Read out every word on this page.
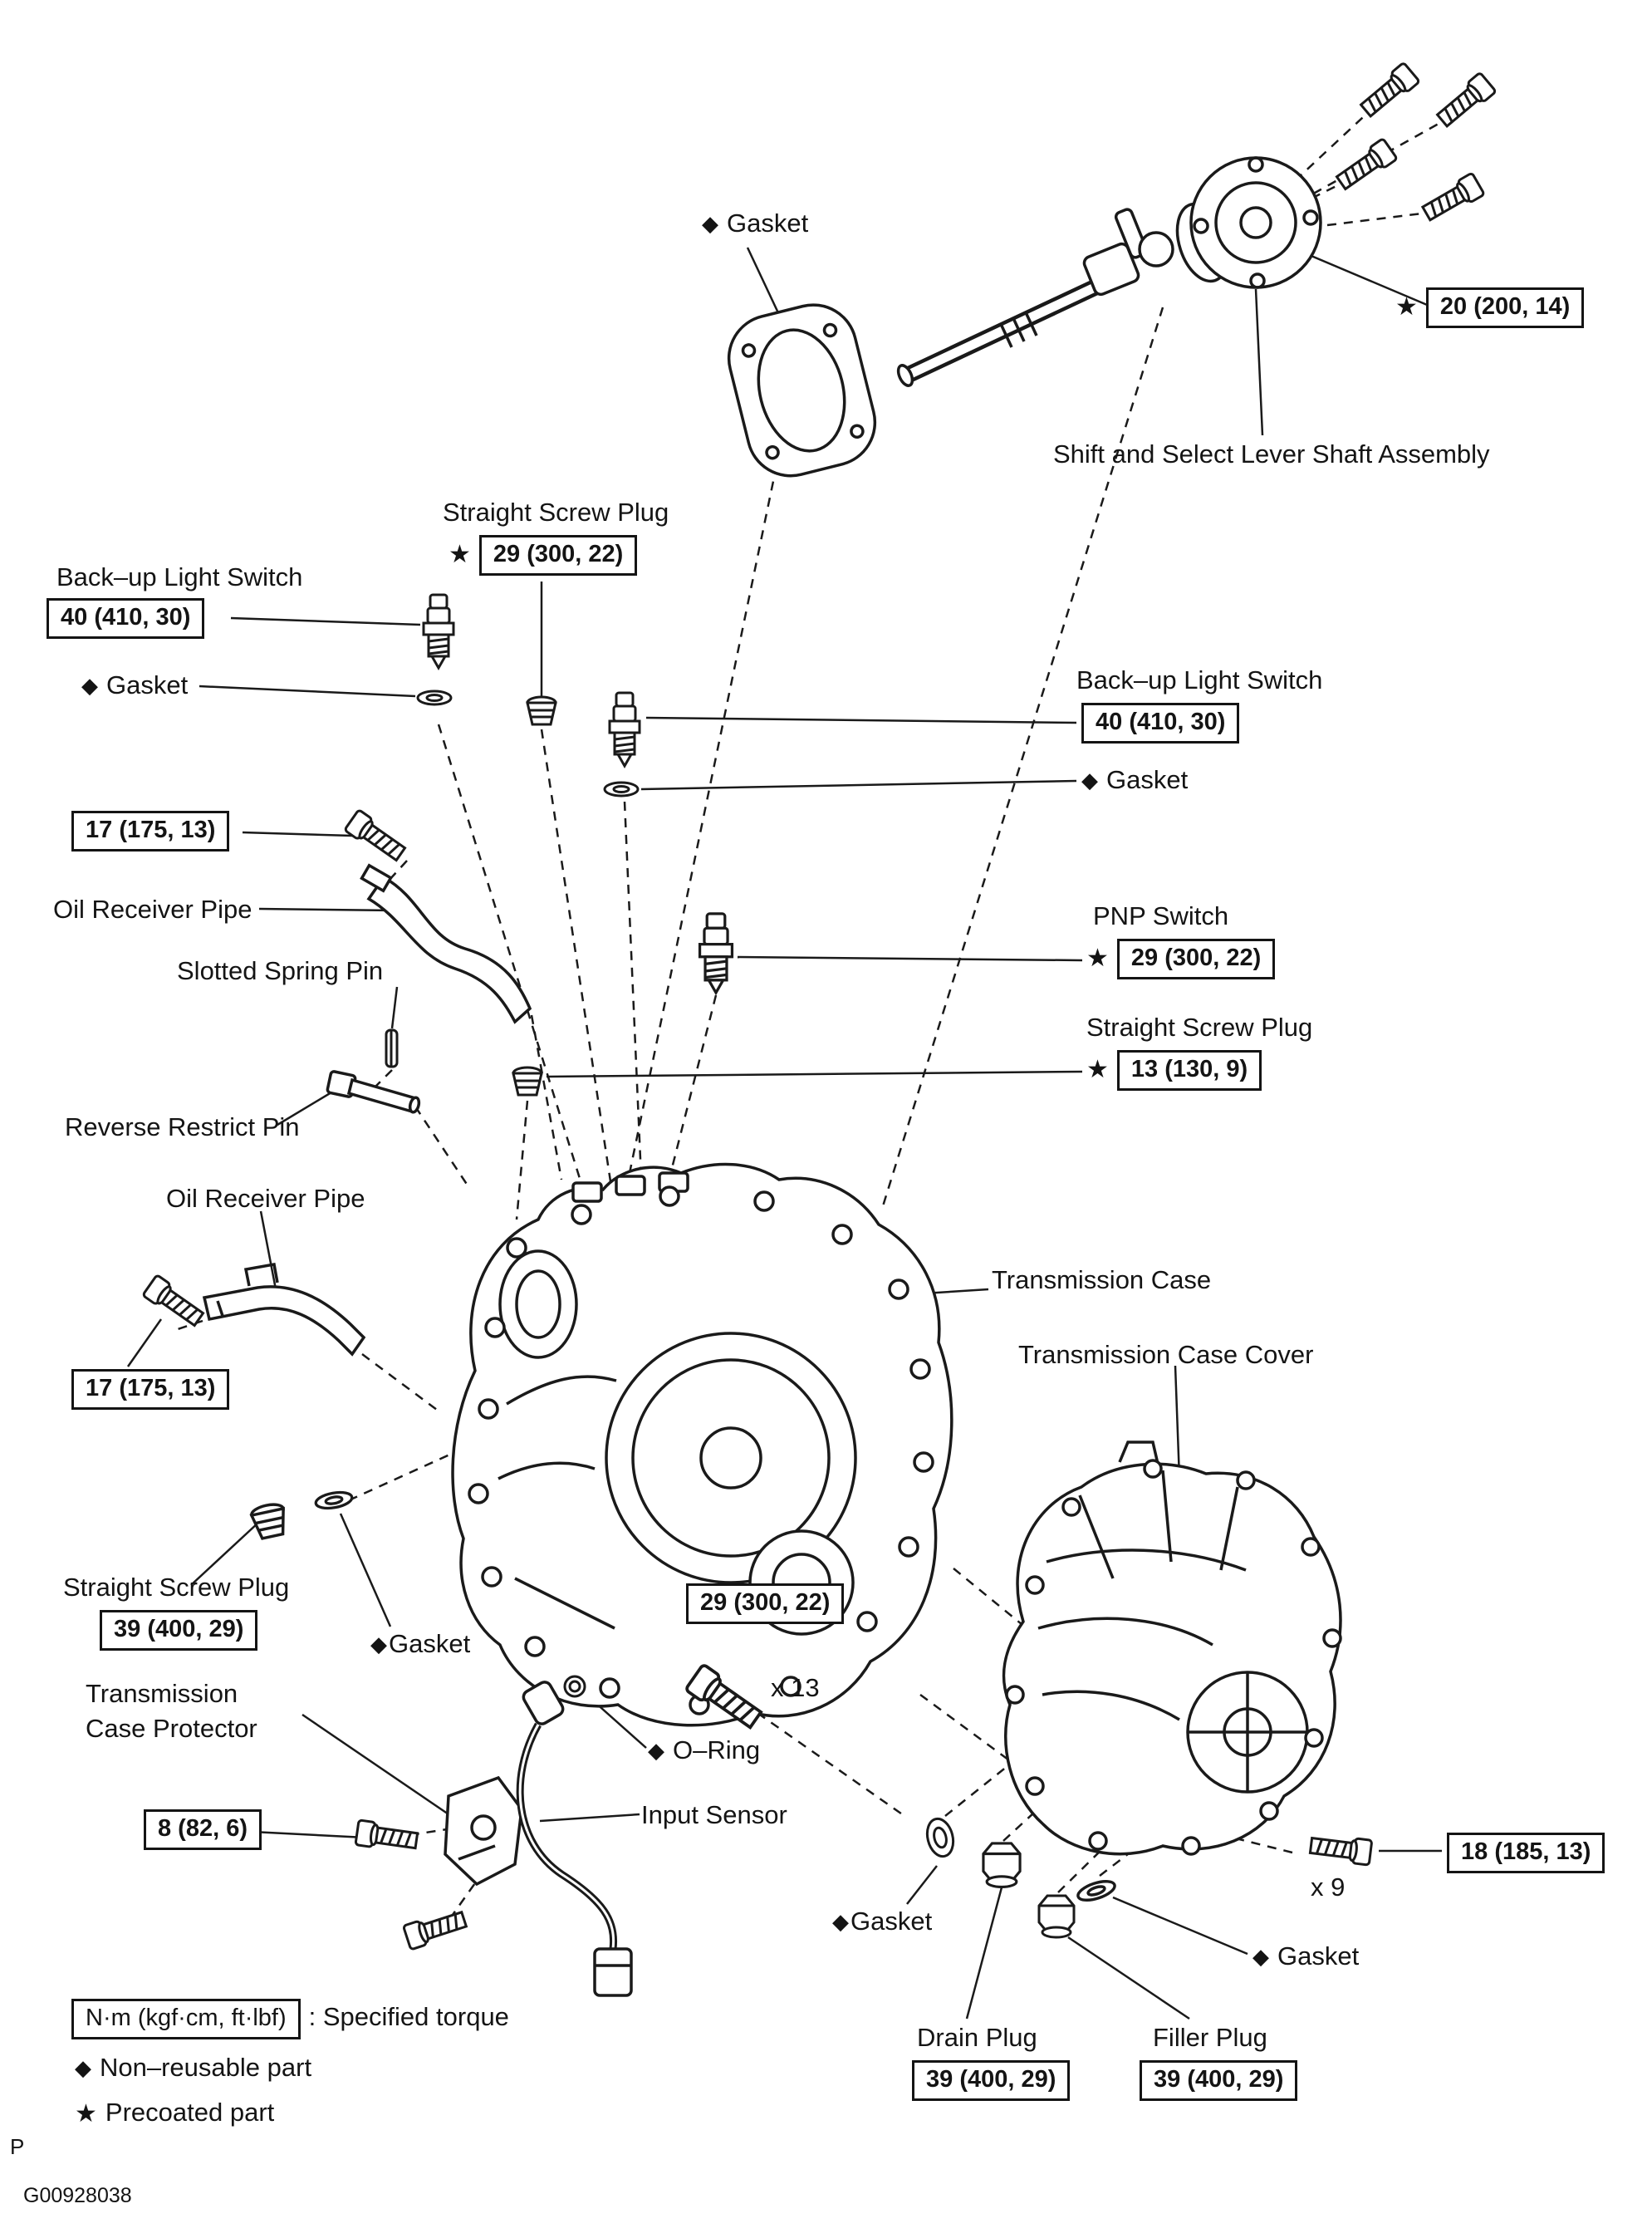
◆ Gasket
★ 20 (200, 14)
Shift and Select Lever Shaft Assembly
Straight Screw Plug
★ 29 (300, 22)
Back–up Light Switch
40 (410, 30)
◆ Gasket	Back–up Light Switch
40 (410, 30)
◆ Gasket
17 (175, 13)
Oil Receiver Pipe
Slotted Spring Pin
PNP Switch
★ 29 (300, 22)
Straight Screw Plug
★ 13 (130, 9)
Reverse Restrict Pin
Oil Receiver Pipe
Transmission Case
Transmission Case Cover
17 (175, 13)
Straight Screw Plug
39 (400, 29)
◆Gasket
29 (300, 22)
x 13
Transmission
Case Protector
◆ O–Ring
Input Sensor
8 (82, 6)
18 (185, 13)
x 9
◆Gasket
◆ Gasket
Drain Plug
39 (400, 29)
Filler Plug
39 (400, 29)
N·m (kgf·cm, ft·lbf) : Specified torque
◆ Non–reusable part
★ Precoated part
P
G00928038
